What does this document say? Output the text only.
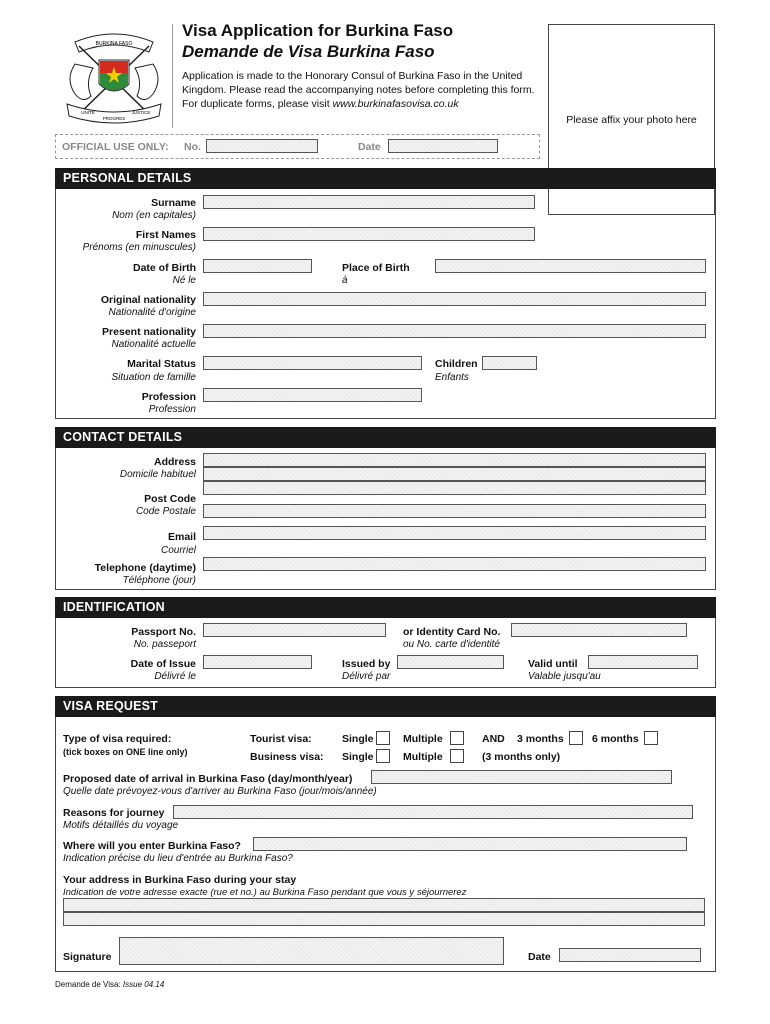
BURKINA FASO
UNITE
PROGRES
JUSTICE
Visa Application for Burkina Faso
Demande de Visa Burkina Faso
Application is made to the Honorary Consul of Burkina Faso in the United Kingdom. Please read the accompanying notes before completing this form. For duplicate forms, please visit www.burkinafasovisa.co.uk
Please affix your photo here
OFFICIAL USE ONLY: No.	Date
PERSONAL DETAILS
Surname
Nom (en capitales)
First Names
Prénoms (en minuscules)
Date of Birth
Né le
Place of Birth
à
Original nationality
Nationalité d'origine
Present nationality
Nationalité actuelle
Marital Status
Situation de famille
Children
Enfants
Profession
Profession
CONTACT DETAILS
Address
Domicile habituel
Post Code
Code Postale
Email
Courriel
Telephone (daytime)
Téléphone (jour)
IDENTIFICATION
Passport No.
No. passeport
or Identity Card No.
ou No. carte d'identité
Date of Issue
Délivré le
Issued by
Délivré par
Valid until
Valable jusqu'au
VISA REQUEST
Type of visa required:
(tick boxes on ONE line only)
Tourist visa:	Single	Multiple	AND 3 months	6 months
Business visa: Single	Multiple	(3 months only)
Proposed date of arrival in Burkina Faso (day/month/year)
Quelle date prévoyez-vous d'arriver au Burkina Faso (jour/mois/année)
Reasons for journey
Motifs détaillés du voyage
Where will you enter Burkina Faso?
Indication précise du lieu d'entrée au Burkina Faso?
Your address in Burkina Faso during your stay
Indication de votre adresse exacte (rue et no.) au Burkina Faso pendant que vous y séjournerez
Signature	Date
Demande de Visa: Issue 04.14
